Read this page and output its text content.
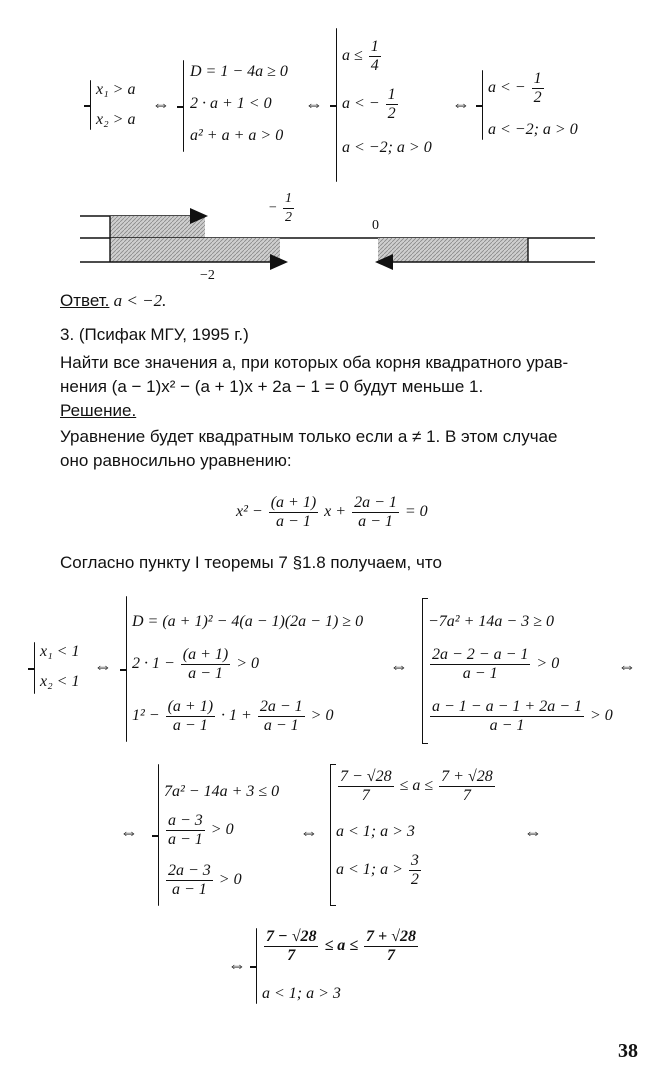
x₁ > a
x₂ > a
⇔
D = 1 − 4a ≥ 0
2 · a + 1 < 0
a² + a + a > 0
⇔
$a \le \frac{1}{4}$
a < − $\frac{1}{2}$
a < −2; a > 0
⇔
a < − $\frac{1}{2}$
a < −2; a > 0
− $\frac{1}{2}$	0
−2
Ответ. a < −2.
3. (Псифак МГУ, 1995 г.)
Найти все значения a, при которых оба корня квадратного урав-
нения (a − 1)x² − (a + 1)x + 2a − 1 = 0 будут меньше 1.
Решение.
Уравнение будет квадратным только если a ≠ 1. В этом случае
оно равносильно уравнению:
$x^2 - \frac{(a + 1)}{a - 1}$ $x + \frac{2a - 1}{a - 1} = 0$
Согласно пункту I теоремы 7 §1.8 получаем, что
x₁ < 1
x₂ < 1
⇔
D = (a + 1)² − 4(a − 1)(2a − 1) ≥ 0
$2 \cdot 1 - \frac{(a + 1)}{a - 1} > 0$
$1^2 - \frac{(a + 1)}{a - 1} \cdot 1 + \frac{2a - 1}{a - 1} > 0$
⇔
−7a² + 14a − 3 ≥ 0
$\frac{2a - 2 - a - 1}{a - 1} > 0$
$\frac{a - 1 - a - 1 + 2a - 1}{a - 1} > 0$
⇔
⇔
7a² − 14a + 3 ≤ 0
$\frac{a - 3}{a - 1} > 0$
$\frac{2a - 3}{a - 1} > 0$
⇔
$\frac{7 - √28}{7} \le a \le \frac{7 + √28}{7}$
a < 1; a > 3
a < 1; $a > \frac{3}{2}$
⇔
⇔ $\frac{7 - √28}{7} \le a \le \frac{7 + √28}{7}$
a < 1; a > 3
38
